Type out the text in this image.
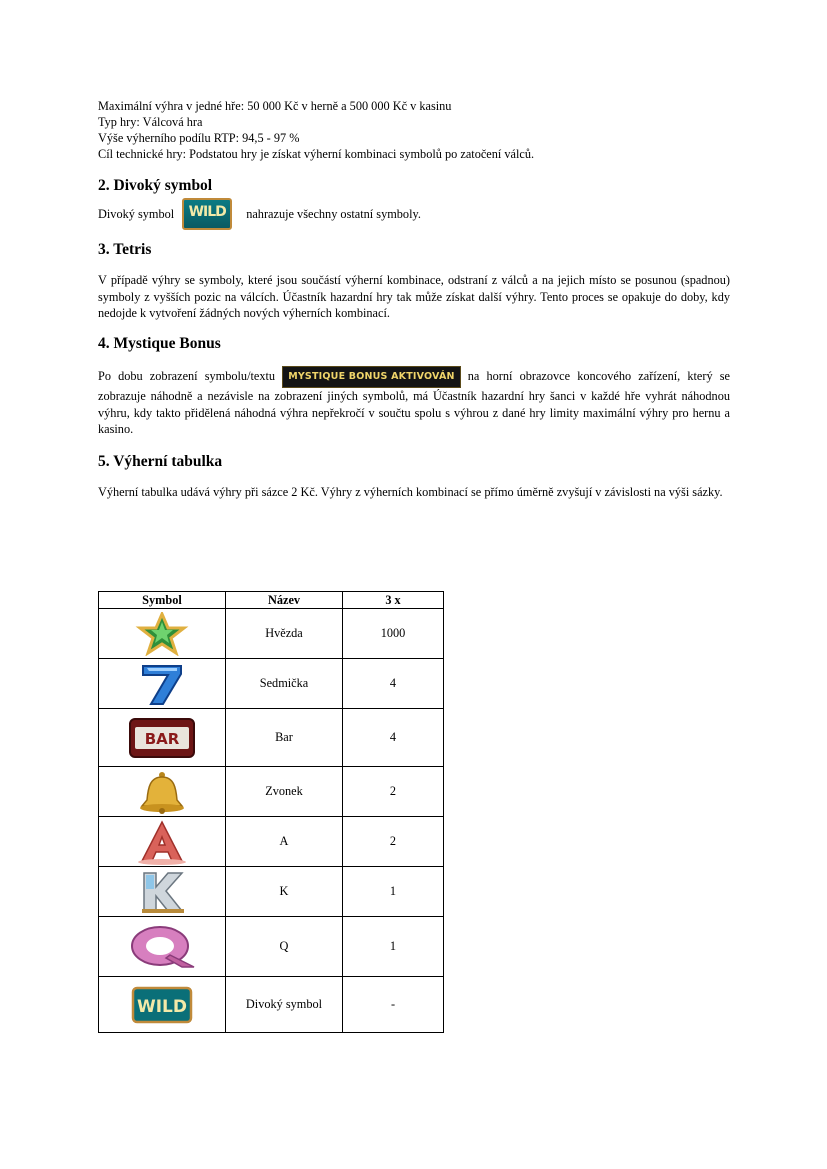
Maximální výhra v jedné hře: 50 000 Kč v herně a 500 000 Kč v kasinu

Typ hry: Válcová hra

Výše výherního podílu RTP: 94,5 - 97 %

Cíl technické hry: Podstatou hry je získat výherní kombinaci symbolů po zatočení válců.

2. Divoký symbol
Divoký symbol	WILD	nahrazuje všechny ostatní symboly.
3. Tetris

V případě výhry se symboly, které jsou součástí výherní kombinace, odstraní z válců a na jejich místo se posunou (spadnou) symboly z vyšších pozic na válcích. Účastník hazardní hry tak může získat další výhry. Tento proces se opakuje do doby, kdy nedojde k vytvoření žádných nových výherních kombinací.

4. Mystique Bonus

Po dobu zobrazení symbolu/textu MYSTIQUE BONUS AKTIVOVÁN na horní obrazovce koncového zařízení, který se zobrazuje náhodně a nezávisle na zobrazení jiných symbolů, má Účastník hazardní hry šanci v každé hře vyhrát náhodnou výhru, kdy takto přidělená náhodná výhra nepřekročí v součtu spolu s výhrou z dané hry limity maximální výhry pro hernu a kasino.

5. Výherní tabulka

Výherní tabulka udává výhry při sázce 2 Kč. Výhry z výherních kombinací se přímo úměrně zvyšují v závislosti na výši sázky.

Symbol	Název	3 x

	Hvězda	1000

	Sedmička	4

BAR	Bar	4

	Zvonek	2

	A	2

	K	1

	Q	1

WILD	Divoký symbol	-
